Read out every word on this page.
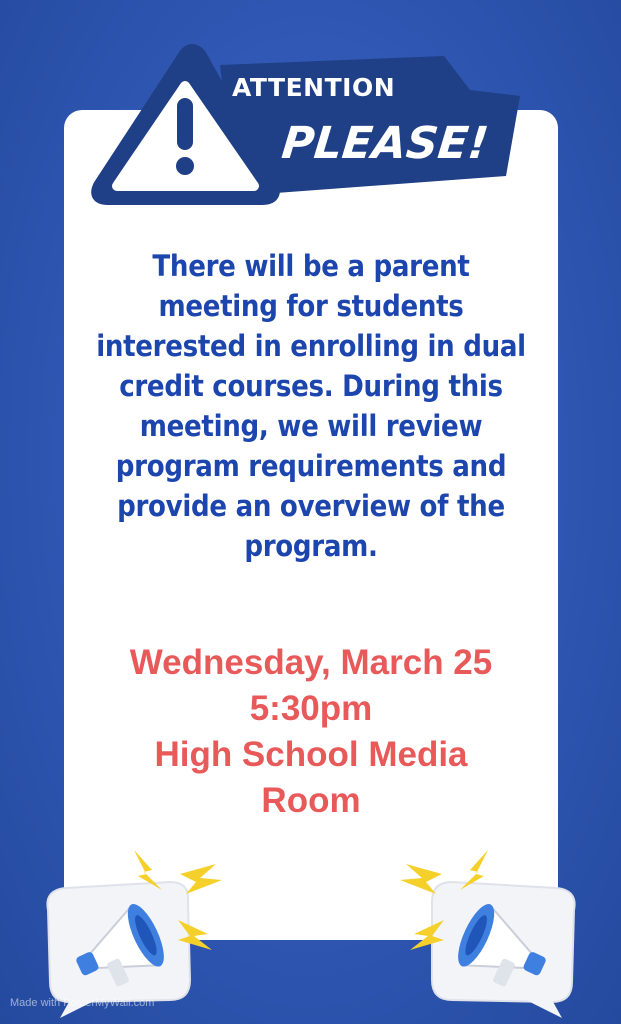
ATTENTION
PLEASE!
There will be a parent
meeting for students
interested in enrolling in dual
credit courses. During this
meeting, we will review
program requirements and
provide an overview of the
program.
Wednesday, March 25
5:30pm
High School Media
Room
Made with PosterMyWall.com
